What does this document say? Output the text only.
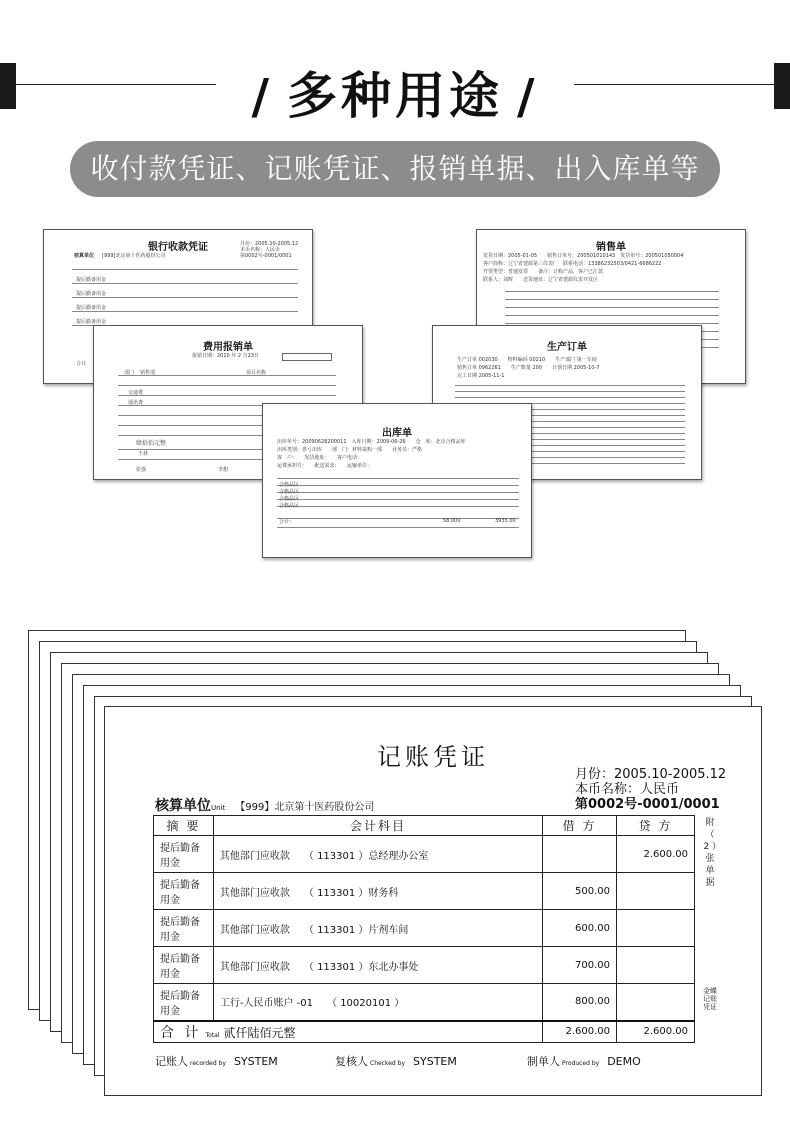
/ 多种用途 /
收付款凭证、记账凭证、报销单据、出入库单等
银行收款凭证
核算单位 [999]北京第十医药股份公司
月份：2005.10-2005.12
本币名称：人民币
第0002号-0001/0001
提后勤备用金
提后勤备用金
提后勤备用金
提后勤备用金
合计
销售单
发货日期：2005-01-05　　销售订单号：200501010143　发货单号：200501050004
客户简称：辽宁省建源第三仪表厂　联系电话：13386232503/0421-6686222
开票类型：普通发票　　备注：订购产品，客户已汇款
联系人：刘辉　　送货地址：辽宁省建源仪表开发区
费用报销单
报销日期：2010 年 2 月23日
部门 销售部	项目名称
交通费
通讯费
肆拾佰元整
王林
张强	李想
生产订单
生产订单 002030　　物料编码 00210　　生产部门 第一车间
销售订单 0962261　　生产数量 200　　计划日期 2005-10-7
完工日期 2005-11-1
出库单
出库单号：20090628200011　入库日期：2009-06-26　　仓　库：北京合格品库
出库类别：盘亏出库　　部　门：材料采购一部　　业务员：严格
客　户：　　发货地址：　　客户电话：
运费承担方：　　配送需求：　　运输单位：
合格品区
合格品区
合格品区
合格品区
合计：	58.000	3935.00
记账凭证
月份：2005.10-2005.12
本币名称：人民币
第0002号-0001/0001
核算单位Unit 【999】北京第十医药股份公司
摘 要	会计科目	借 方	贷 方
提后勤备用金	其他部门应收款 （ 113301 ）总经理办公室		2.600.00
提后勤备用金	其他部门应收款 （ 113301 ）财务科	500.00	
提后勤备用金	其他部门应收款 （ 113301 ）片剂车间	600.00	
提后勤备用金	其他部门应收款 （ 113301 ）东北办事处	700.00	
提后勤备用金	工行-人民币账户 -01 （ 10020101 ）	800.00	
合 计 Total 贰仟陆佰元整		2.600.00	2.600.00
附（ 2 ）张单据
金蝶记账凭证
记账人 recorded by SYSTEM	复核人 Checked by SYSTEM	制单人 Produced by DEMO
